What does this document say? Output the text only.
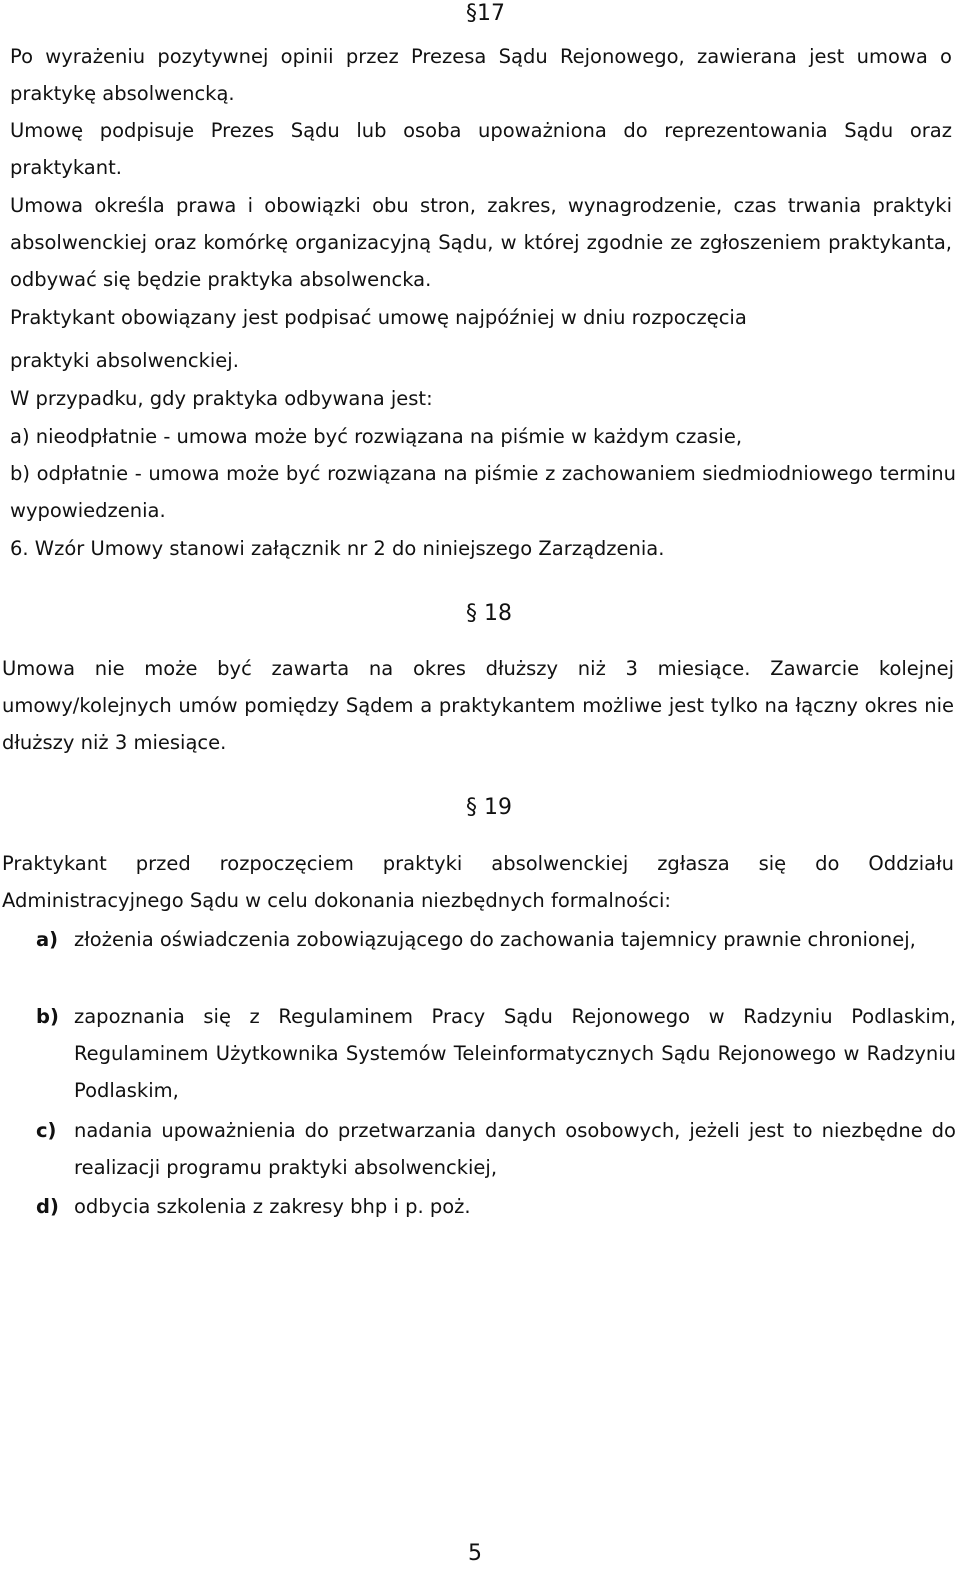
§17
Po wyrażeniu pozytywnej opinii przez Prezesa Sądu Rejonowego, zawierana jest umowa o praktykę absolwencką.
Umowę podpisuje Prezes Sądu lub osoba upoważniona do reprezentowania Sądu oraz praktykant.
Umowa określa prawa i obowiązki obu stron, zakres, wynagrodzenie, czas trwania praktyki absolwenckiej oraz komórkę organizacyjną Sądu, w której zgodnie ze zgłoszeniem praktykanta, odbywać się będzie praktyka absolwencka.
Praktykant obowiązany jest podpisać umowę najpóźniej w dniu rozpoczęcia
praktyki absolwenckiej.
W przypadku, gdy praktyka odbywana jest:
a) nieodpłatnie - umowa może być rozwiązana na piśmie w każdym czasie,
b) odpłatnie - umowa może być rozwiązana na piśmie z zachowaniem siedmiodniowego terminu wypowiedzenia.
6. Wzór Umowy stanowi załącznik nr 2 do niniejszego Zarządzenia.
§ 18
Umowa nie może być zawarta na okres dłuższy niż 3 miesiące. Zawarcie kolejnej umowy/kolejnych umów pomiędzy Sądem a praktykantem możliwe jest tylko na łączny okres nie dłuższy niż 3 miesiące.
§ 19
Praktykant przed rozpoczęciem praktyki absolwenckiej zgłasza się do Oddziału Administracyjnego Sądu w celu dokonania niezbędnych formalności:
a) złożenia oświadczenia zobowiązującego do zachowania tajemnicy prawnie chronionej,
b) zapoznania się z Regulaminem Pracy Sądu Rejonowego w Radzyniu Podlaskim, Regulaminem Użytkownika Systemów Teleinformatycznych Sądu Rejonowego w Radzyniu Podlaskim,
c) nadania upoważnienia do przetwarzania danych osobowych, jeżeli jest to niezbędne do realizacji programu praktyki absolwenckiej,
d) odbycia szkolenia z zakresy bhp i p. poż.
5
